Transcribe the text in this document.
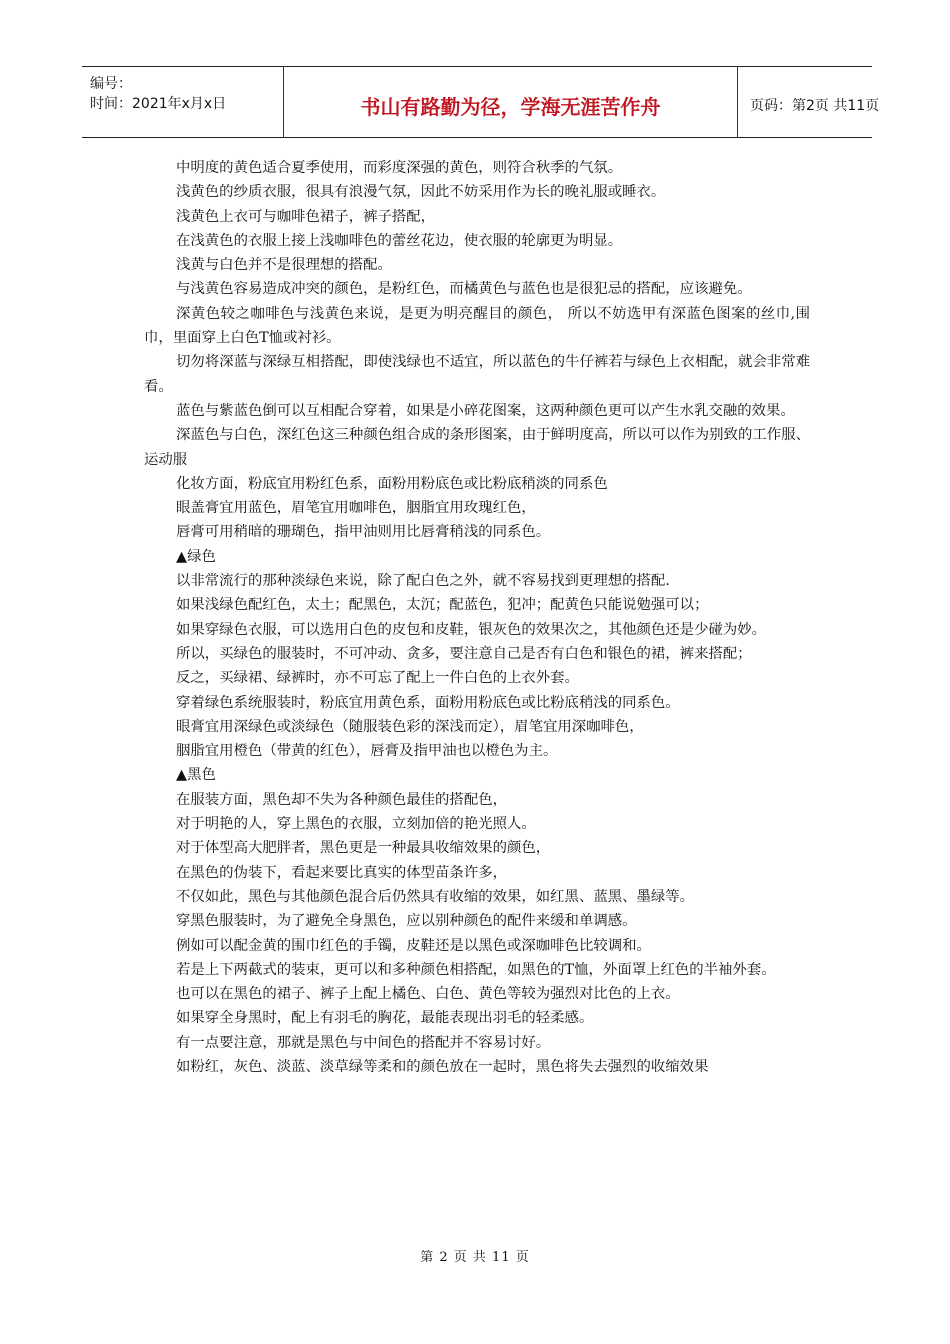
编号：
时间：2021年x月x日	书山有路勤为径，学海无涯苦作舟	页码：第2页 共11页

中明度的黄色适合夏季使用，而彩度深强的黄色，则符合秋季的气氛。

浅黄色的纱质衣服，很具有浪漫气氛，因此不妨采用作为长的晚礼服或睡衣。

浅黄色上衣可与咖啡色裙子，裤子搭配，

在浅黄色的衣服上接上浅咖啡色的蕾丝花边，使衣服的轮廓更为明显。

浅黄与白色并不是很理想的搭配。

与浅黄色容易造成冲突的颜色，是粉红色，而橘黄色与蓝色也是很犯忌的搭配，应该避免。

深黄色较之咖啡色与浅黄色来说，是更为明亮醒目的颜色， 所以不妨选甲有深蓝色图案的丝巾,围巾，里面穿上白色T恤或衬衫。

切勿将深蓝与深绿互相搭配，即使浅绿也不适宜，所以蓝色的牛仔裤若与绿色上衣相配，就会非常难看。

蓝色与紫蓝色倒可以互相配合穿着，如果是小碎花图案，这两种颜色更可以产生水乳交融的效果。

深蓝色与白色，深红色这三种颜色组合成的条形图案，由于鲜明度高，所以可以作为别致的工作服、运动服

化妆方面，粉底宜用粉红色系，面粉用粉底色或比粉底稍淡的同系色

眼盖膏宜用蓝色，眉笔宜用咖啡色，胭脂宜用玫瑰红色，

唇膏可用稍暗的珊瑚色，指甲油则用比唇膏稍浅的同系色。

▲绿色

以非常流行的那种淡绿色来说，除了配白色之外，就不容易找到更理想的搭配.

如果浅绿色配红色，太土；配黑色，太沉；配蓝色，犯冲；配黄色只能说勉强可以；

如果穿绿色衣服，可以选用白色的皮包和皮鞋，银灰色的效果次之，其他颜色还是少碰为妙。

所以，买绿色的服装时，不可冲动、贪多，要注意自己是否有白色和银色的裙，裤来搭配；

反之，买绿裙、绿裤时，亦不可忘了配上一件白色的上衣外套。

穿着绿色系统服装时，粉底宜用黄色系，面粉用粉底色或比粉底稍浅的同系色。

眼膏宜用深绿色或淡绿色（随服装色彩的深浅而定），眉笔宜用深咖啡色，

胭脂宜用橙色（带黄的红色），唇膏及指甲油也以橙色为主。

▲黑色

在服装方面，黑色却不失为各种颜色最佳的搭配色，

对于明艳的人，穿上黑色的衣服，立刻加倍的艳光照人。

对于体型高大肥胖者，黑色更是一种最具收缩效果的颜色，

在黑色的伪装下，看起来要比真实的体型苗条许多，

不仅如此，黑色与其他颜色混合后仍然具有收缩的效果，如红黑、蓝黑、墨绿等。

穿黑色服装时，为了避免全身黑色，应以别种颜色的配件来缓和单调感。

例如可以配金黄的围巾红色的手镯，皮鞋还是以黑色或深咖啡色比较调和。

若是上下两截式的装束，更可以和多种颜色相搭配，如黑色的T恤，外面罩上红色的半袖外套。

也可以在黑色的裙子、裤子上配上橘色、白色、黄色等较为强烈对比色的上衣。

如果穿全身黑时，配上有羽毛的胸花，最能表现出羽毛的轻柔感。

有一点要注意，那就是黑色与中间色的搭配并不容易讨好。

如粉红，灰色、淡蓝、淡草绿等柔和的颜色放在一起时，黑色将失去强烈的收缩效果

第 2 页 共 11 页
